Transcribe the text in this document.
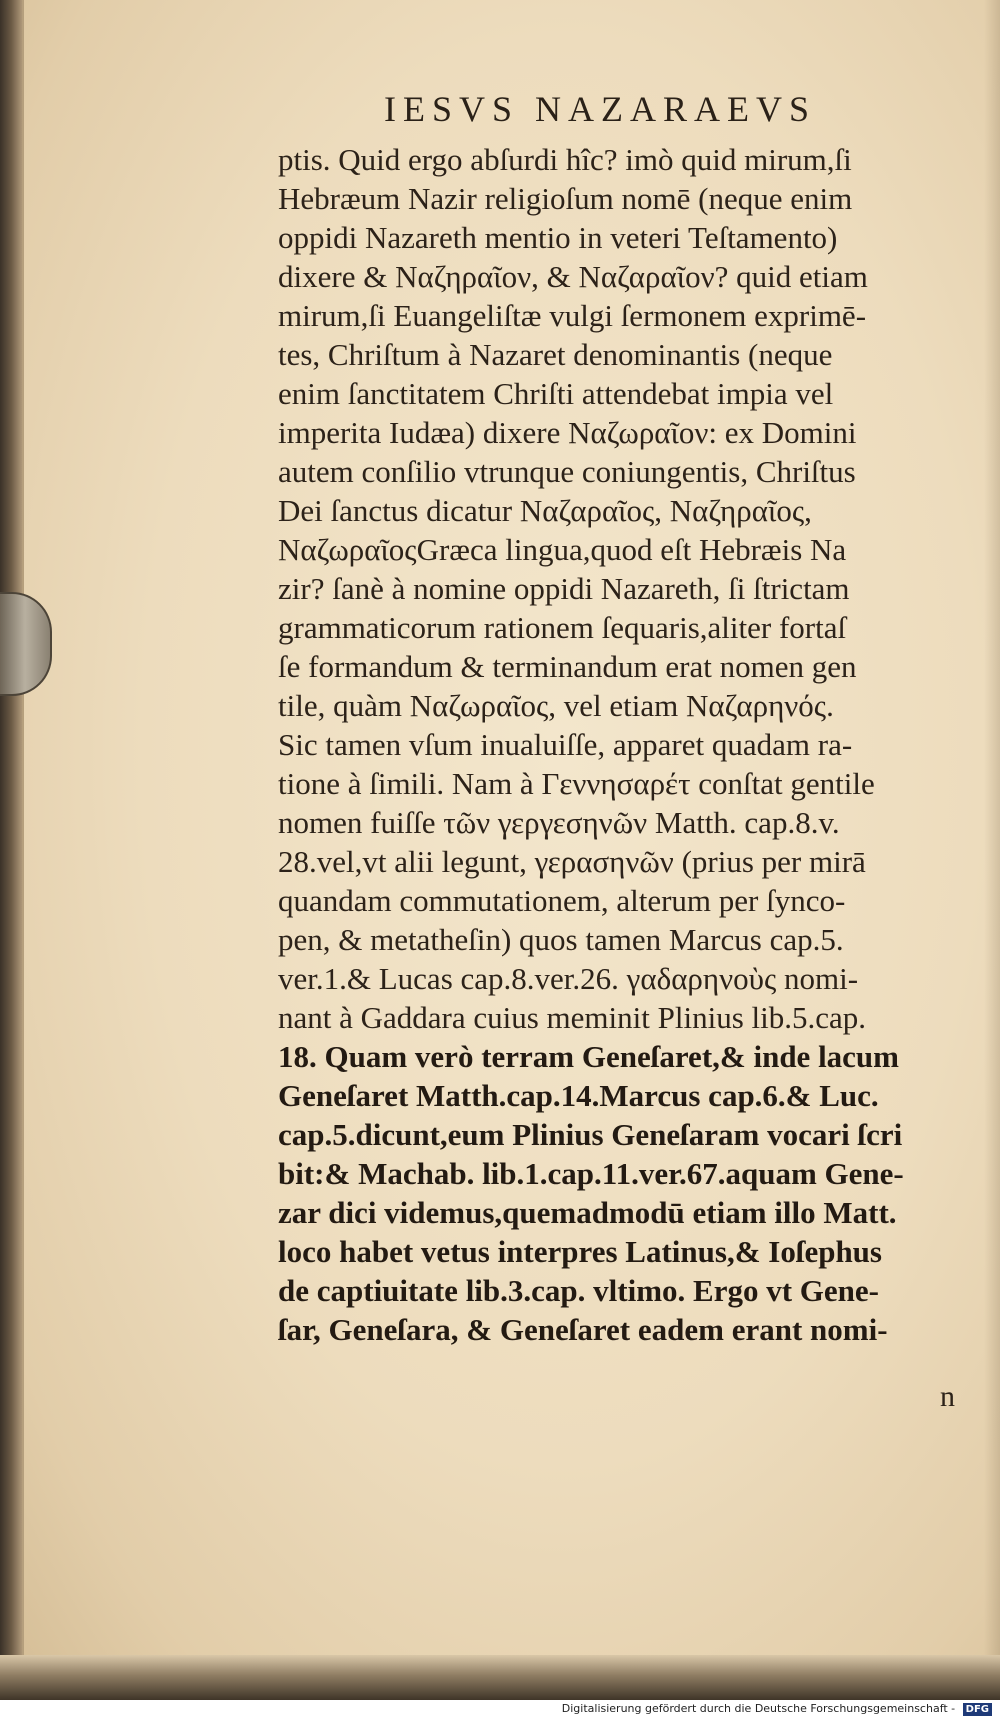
IESVS NAZARAEVS
ptis. Quid ergo abſurdi hîc? imò quid mirum,ſi
Hebræum Nazir religioſum nomē (neque enim
oppidi Nazareth mentio in veteri Teſtamento)
dixere & Ναζηραῖον, & Ναζαραῖον? quid etiam
mirum,ſi Euangeliſtæ vulgi ſermonem exprimē-
tes, Chriſtum à Nazaret denominantis (neque
enim ſanctitatem Chriſti attendebat impia vel
imperita Iudæa) dixere Ναζωραῖον: ex Domini
autem conſilio vtrunque coniungentis, Chriſtus
Dei ſanctus dicatur Ναζαραῖος, Ναζηραῖος,
ΝαζωραῖοςGræca lingua,quod eſt Hebræis Na
zir? ſanè à nomine oppidi Nazareth, ſi ſtrictam
grammaticorum rationem ſequaris,aliter fortaſ
ſe formandum & terminandum erat nomen gen
tile, quàm Ναζωραῖος, vel etiam Ναζαρηνός.
Sic tamen vſum inualuiſſe, apparet quadam ra-
tione à ſimili. Nam à Γεννησαρέτ conſtat gentile
nomen fuiſſe τῶν γεργεσηνῶν Matth. cap.8.v.
28.vel,vt alii legunt, γερασηνῶν (prius per mirā
quandam commutationem, alterum per ſynco-
pen, & metatheſin) quos tamen Marcus cap.5.
ver.1.& Lucas cap.8.ver.26. γαδαρηνοὺς nomi-
nant à Gaddara cuius meminit Plinius lib.5.cap.
18. Quam verò terram Geneſaret,& inde lacum
Geneſaret Matth.cap.14.Marcus cap.6.& Luc.
cap.5.dicunt,eum Plinius Geneſaram vocari ſcri
bit:& Machab. lib.1.cap.11.ver.67.aquam Gene-
zar dici videmus,quemadmodū etiam illo Matt.
loco habet vetus interpres Latinus,& Ioſephus
de captiuitate lib.3.cap. vltimo. Ergo vt Gene-
ſar, Geneſara, & Geneſaret eadem erant nomi-
n
Digitalisierung gefördert durch die Deutsche Forschungsgemeinschaft - DFG
